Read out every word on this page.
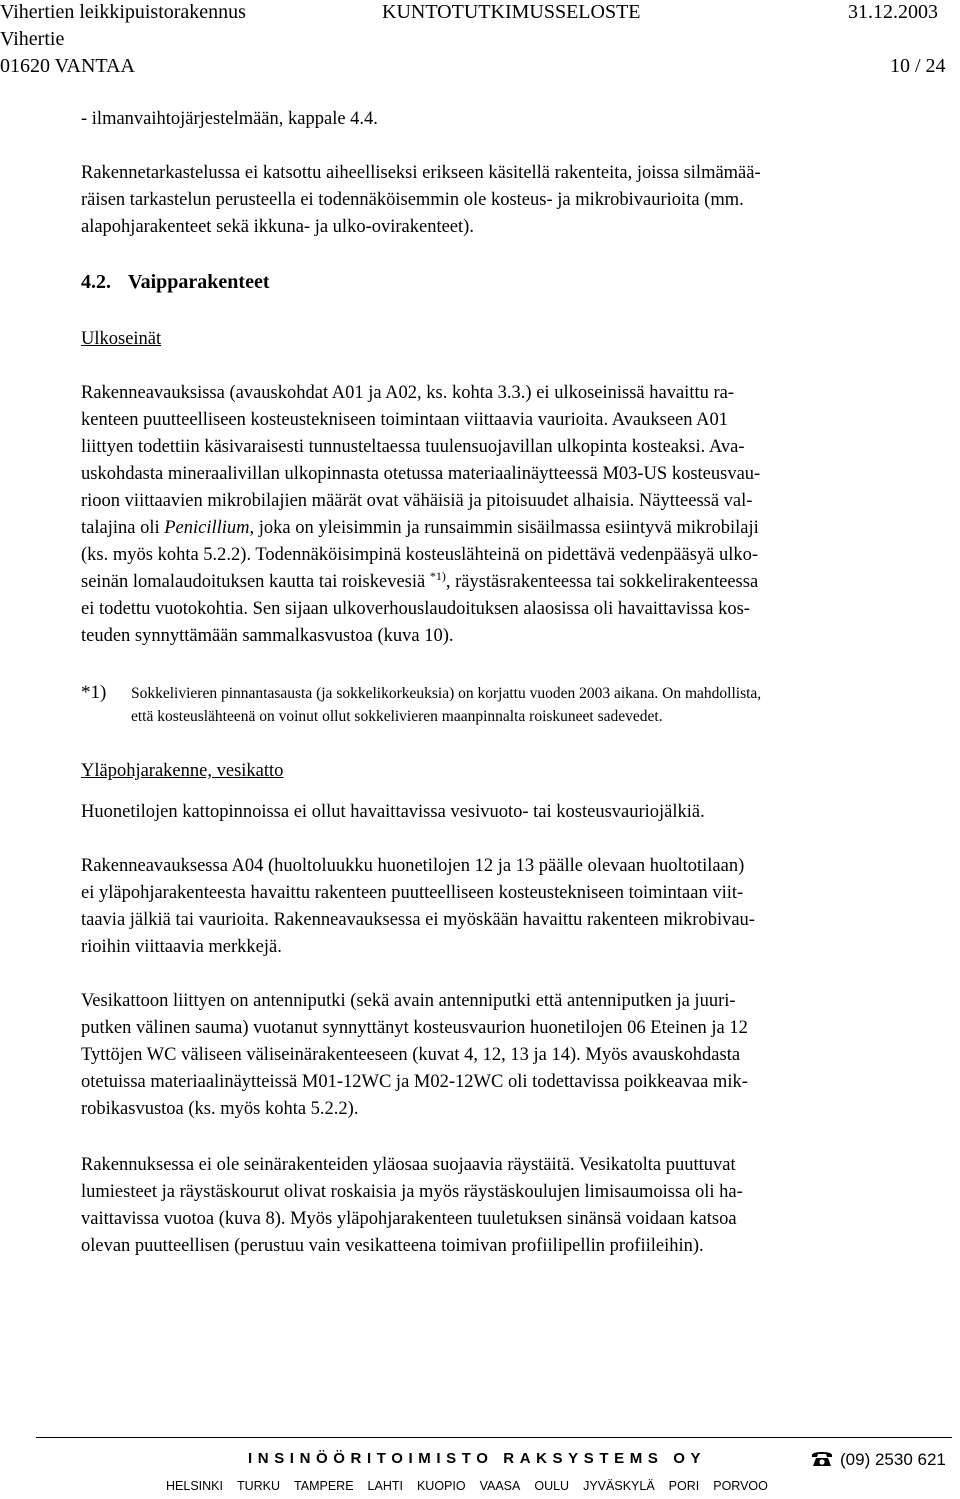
Vihertien leikkipuistorakennus	KUNTOTUTKIMUSSELOSTE	31.12.2003
Vihertie
01620 VANTAA	10 / 24
- ilmanvaihtojärjestelmään, kappale 4.4.
Rakennetarkastelussa ei katsottu aiheelliseksi erikseen käsitellä rakenteita, joissa silmämää-
räisen tarkastelun perusteella ei todennäköisemmin ole kosteus- ja mikrobivaurioita (mm.
alapohjarakenteet sekä ikkuna- ja ulko-ovirakenteet).
4.2. Vaipparakenteet
Ulkoseinät
Rakenneavauksissa (avauskohdat A01 ja A02, ks. kohta 3.3.) ei ulkoseinissä havaittu ra-
kenteen puutteelliseen kosteustekniseen toimintaan viittaavia vaurioita. Avaukseen A01
liittyen todettiin käsivaraisesti tunnusteltaessa tuulensuojavillan ulkopinta kosteaksi. Ava-
uskohdasta mineraalivillan ulkopinnasta otetussa materiaalinäytteessä M03-US kosteusvau-
rioon viittaavien mikrobilajien määrät ovat vähäisiä ja pitoisuudet alhaisia. Näytteessä val-
talajina oli Penicillium, joka on yleisimmin ja runsaimmin sisäilmassa esiintyvä mikrobilaji
(ks. myös kohta 5.2.2). Todennäköisimpinä kosteuslähteinä on pidettävä vedenpääsyä ulko-
seinän lomalaudoituksen kautta tai roiskevesiä $^{*1)}$, räystäsrakenteessa tai sokkelirakenteessa
ei todettu vuotokohtia. Sen sijaan ulkoverhouslaudoituksen alaosissa oli havaittavissa kos-
teuden synnyttämään sammalkasvustoa (kuva 10).
*1) Sokkelivieren pinnantasausta (ja sokkelikorkeuksia) on korjattu vuoden 2003 aikana. On mahdollista,
että kosteuslähteenä on voinut ollut sokkelivieren maanpinnalta roiskuneet sadevedet.
Yläpohjarakenne, vesikatto
Huonetilojen kattopinnoissa ei ollut havaittavissa vesivuoto- tai kosteusvauriojälkiä.
Rakenneavauksessa A04 (huoltoluukku huonetilojen 12 ja 13 päälle olevaan huoltotilaan)
ei yläpohjarakenteesta havaittu rakenteen puutteelliseen kosteustekniseen toimintaan viit-
taavia jälkiä tai vaurioita. Rakenneavauksessa ei myöskään havaittu rakenteen mikrobivau-
rioihin viittaavia merkkejä.
Vesikattoon liittyen on antenniputki (sekä avain antenniputki että antenniputken ja juuri-
putken välinen sauma) vuotanut synnyttänyt kosteusvaurion huonetilojen 06 Eteinen ja 12
Tyttöjen WC väliseen väliseinärakenteeseen (kuvat 4, 12, 13 ja 14). Myös avauskohdasta
otetuissa materiaalinäytteissä M01-12WC ja M02-12WC oli todettavissa poikkeavaa mik-
robikasvustoa (ks. myös kohta 5.2.2).
Rakennuksessa ei ole seinärakenteiden yläosaa suojaavia räystäitä. Vesikatolta puuttuvat
lumiesteet ja räystäskourut olivat roskaisia ja myös räystäskoulujen limisaumoissa oli ha-
vaittavissa vuotoa (kuva 8). Myös yläpohjarakenteen tuuletuksen sinänsä voidaan katsoa
olevan puutteellisen (perustuu vain vesikatteena toimivan profiilipellin profiileihin).
INSINÖÖRITOIMISTO RAKSYSTEMS OY	(09) 2530 621
HELSINKI TURKU TAMPERE LAHTI KUOPIO VAASA OULU JYVÄSKYLÄ PORI PORVOO
